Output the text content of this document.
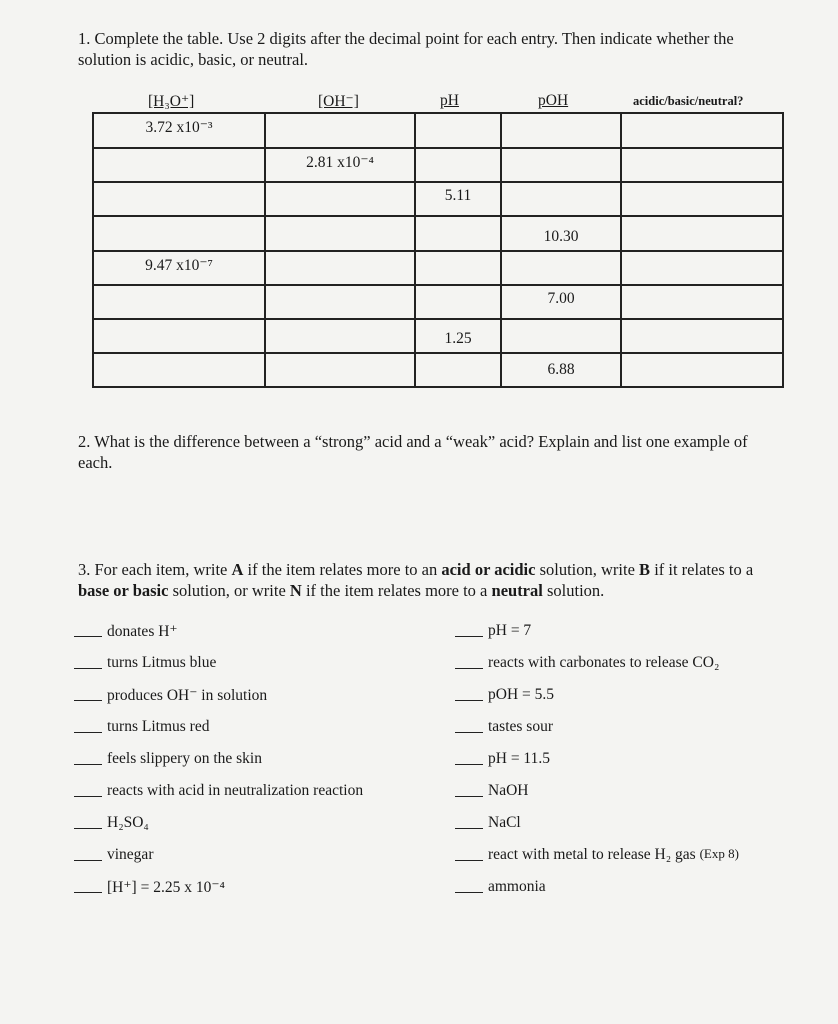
1. Complete the table. Use 2 digits after the decimal point for each entry. Then indicate whether the solution is acidic, basic, or neutral.
[H₃O⁺]	[OH⁻]	pH	pOH	acidic/basic/neutral?
3.72 x10⁻³				

	2.81 x10⁻⁴			

		5.11		

			10.30	

9.47 x10⁻⁷				

			7.00	

		1.25		

			6.88	

2. What is the difference between a “strong” acid and a “weak” acid? Explain and list one example of each.
3. For each item, write A if the item relates more to an acid or acidic solution, write B if it relates to a base or basic solution, or write N if the item relates more to a neutral solution.
donates H⁺
turns Litmus blue
produces OH⁻ in solution
turns Litmus red
feels slippery on the skin
reacts with acid in neutralization reaction
H₂SO₄
vinegar
[H⁺] = 2.25 x 10⁻⁴
pH = 7
reacts with carbonates to release CO₂
pOH = 5.5
tastes sour
pH = 11.5
NaOH
NaCl
react with metal to release H₂ gas
(Exp 8)
ammonia
